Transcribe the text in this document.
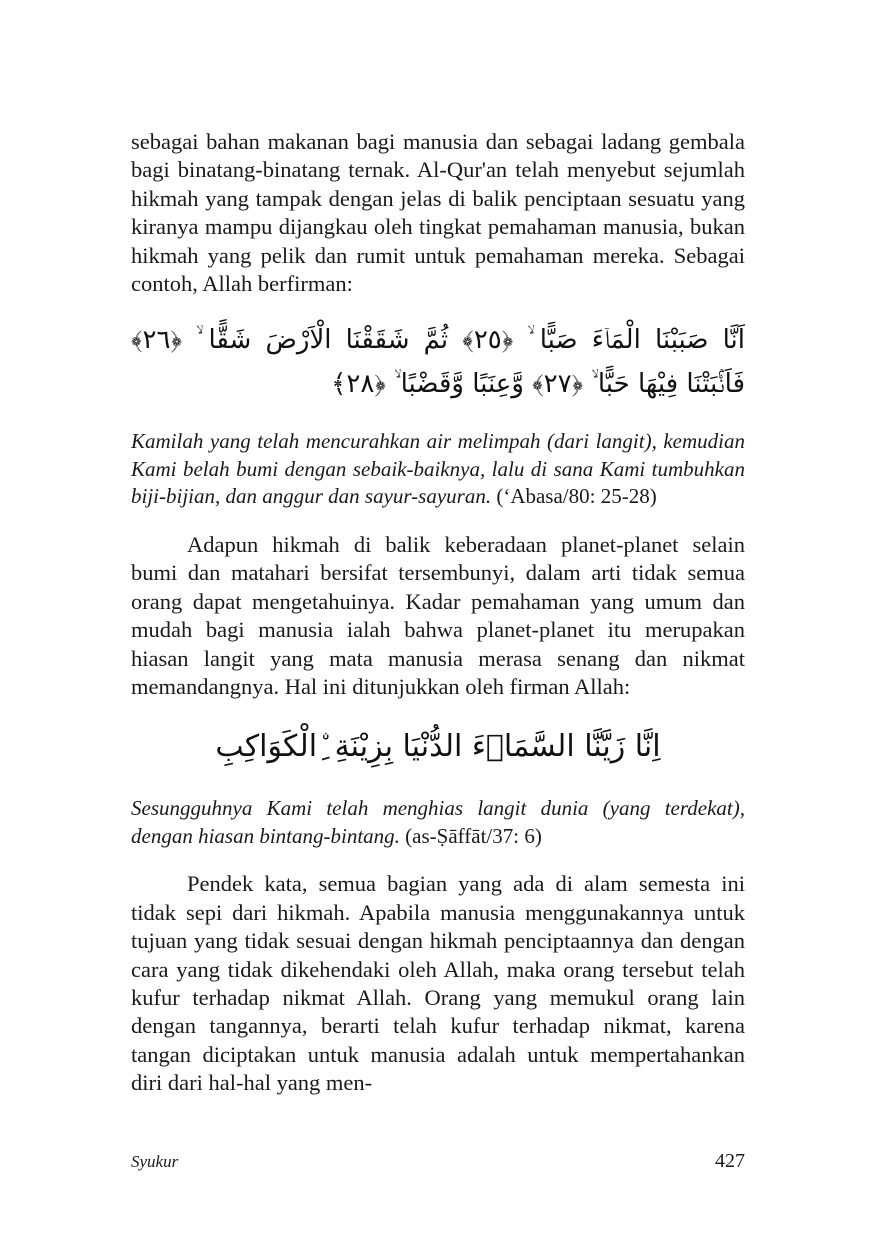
sebagai bahan makanan bagi manusia dan sebagai ladang gembala bagi binatang-binatang ternak. Al-Qur'an telah menyebut sejumlah hikmah yang tampak dengan jelas di balik penciptaan sesuatu yang kiranya mampu dijangkau oleh tingkat pemahaman manusia, bukan hikmah yang pelik dan rumit untuk pemahaman mereka. Sebagai contoh, Allah berfirman:

اَنَّا صَبَبْنَا الْمَاۤءَ صَبًّا ۙ ﴿٢٥﴾ ثُمَّ شَقَقْنَا الْاَرْضَ شَقًّا ۙ ﴿٢٦﴾ فَاَنْۢبَتْنَا فِيْهَا حَبًّا ۙ ﴿٢٧﴾ وَّعِنَبًا وَّقَضْبًا ۙ ﴿٢٨﴾

Kamilah yang telah mencurahkan air melimpah (dari langit), kemudian Kami belah bumi dengan sebaik-baiknya, lalu di sana Kami tumbuhkan biji-bijian, dan anggur dan sayur-sayuran. (‘Abasa/80: 25-28)

Adapun hikmah di balik keberadaan planet-planet selain bumi dan matahari bersifat tersembunyi, dalam arti tidak semua orang dapat mengetahuinya. Kadar pemahaman yang umum dan mudah bagi manusia ialah bahwa planet-planet itu merupakan hiasan langit yang mata manusia merasa senang dan nikmat memandangnya. Hal ini ditunjukkan oleh firman Allah:

اِنَّا زَيَّنَّا السَّمَاۤءَ الدُّنْيَا بِزِيْنَةِ ِۨالْكَوَاكِبِ

Sesungguhnya Kami telah menghias langit dunia (yang terdekat), dengan hiasan bintang-bintang. (as-Ṣāffāt/37: 6)

Pendek kata, semua bagian yang ada di alam semesta ini tidak sepi dari hikmah. Apabila manusia menggunakannya untuk tujuan yang tidak sesuai dengan hikmah penciptaannya dan dengan cara yang tidak dikehendaki oleh Allah, maka orang tersebut telah kufur terhadap nikmat Allah. Orang yang memukul orang lain dengan tangannya, berarti telah kufur terhadap nikmat, karena tangan diciptakan untuk manusia adalah untuk mempertahankan diri dari hal-hal yang men-

Syukur	427
